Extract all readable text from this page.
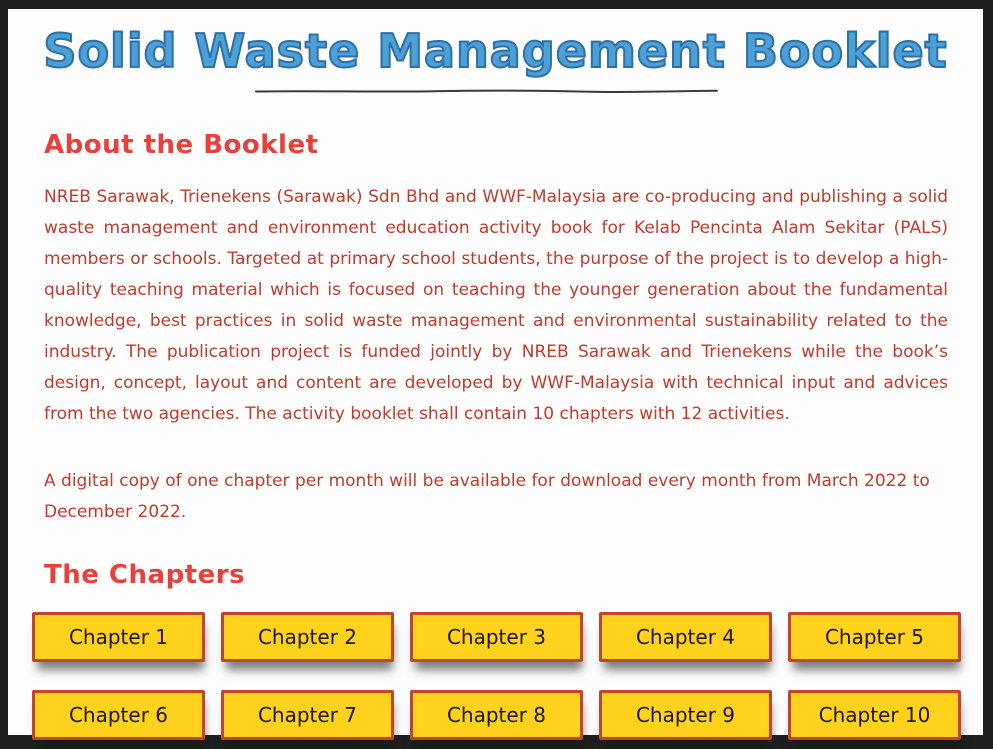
Solid Waste Management Booklet
About the Booklet

NREB Sarawak, Trienekens (Sarawak) Sdn Bhd and WWF-Malaysia are co-producing and publishing a solid waste management and environment education activity book for Kelab Pencinta Alam Sekitar (PALS) members or schools. Targeted at primary school students, the purpose of the project is to develop a high-quality teaching material which is focused on teaching the younger generation about the fundamental knowledge, best practices in solid waste management and environmental sustainability related to the industry. The publication project is funded jointly by NREB Sarawak and Trienekens while the book’s design, concept, layout and content are developed by WWF-Malaysia with technical input and advices from the two agencies. The activity booklet shall contain 10 chapters with 12 activities.

A digital copy of one chapter per month will be available for download every month from March 2022 to December 2022.

The Chapters
Chapter 1	Chapter 2	Chapter 3	Chapter 4	Chapter 5
Chapter 6	Chapter 7	Chapter 8	Chapter 9	Chapter 10
